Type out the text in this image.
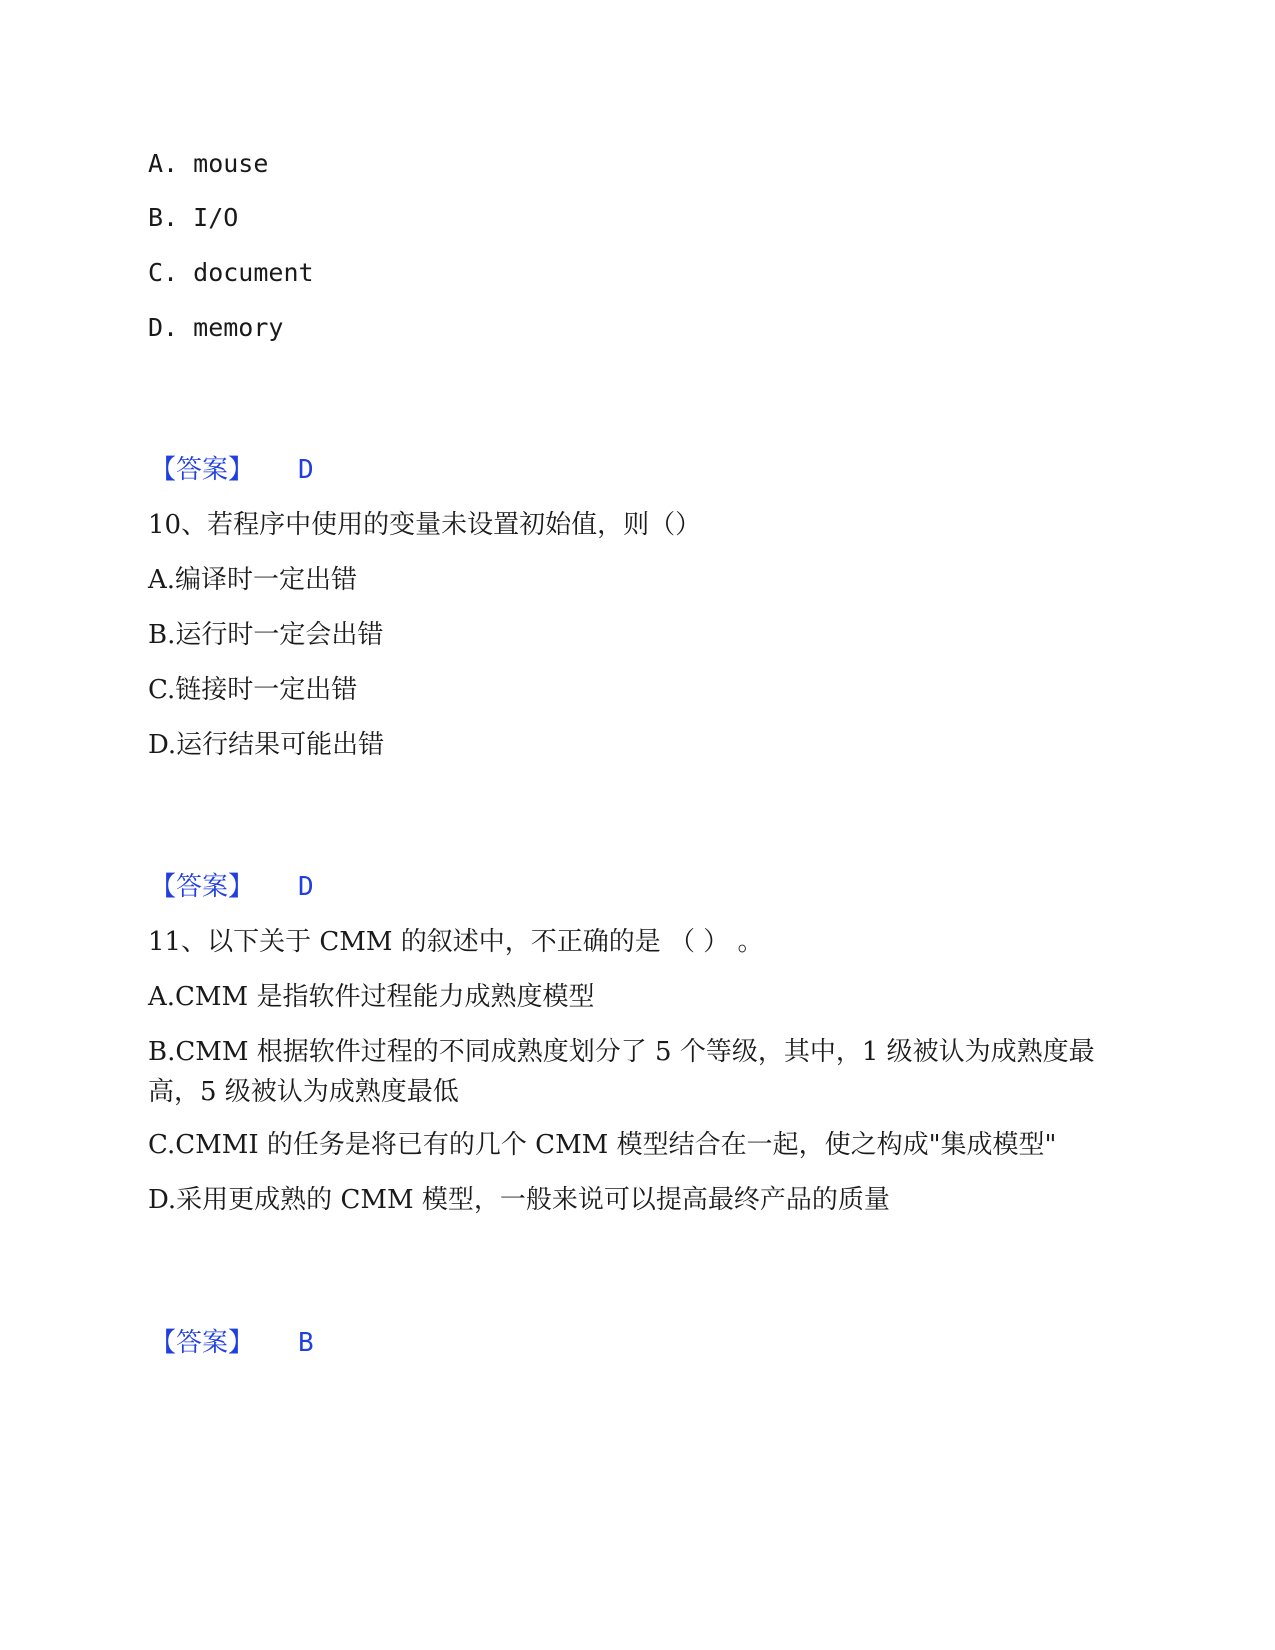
A. mouse
B. I/O
C. document
D. memory
【答案】 D
10、若程序中使用的变量未设置初始值，则（）
A.编译时一定出错
B.运行时一定会出错
C.链接时一定出错
D.运行结果可能出错
【答案】 D
11、以下关于 CMM 的叙述中，不正确的是 （ ） 。
A.CMM 是指软件过程能力成熟度模型
B.CMM 根据软件过程的不同成熟度划分了 5 个等级，其中，1 级被认为成熟度最高，5 级被认为成熟度最低
C.CMMI 的任务是将已有的几个 CMM 模型结合在一起，使之构成"集成模型"
D.采用更成熟的 CMM 模型，一般来说可以提高最终产品的质量
【答案】 B
